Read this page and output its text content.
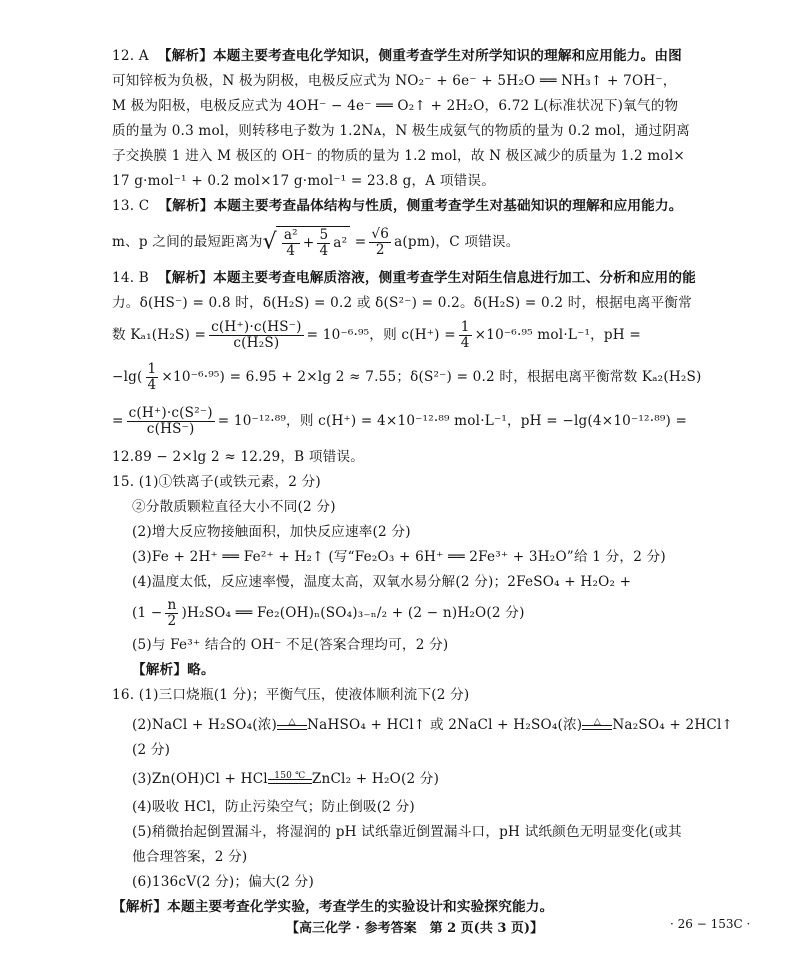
12. A 【解析】本题主要考查电化学知识，侧重考查学生对所学知识的理解和应用能力。由图
可知锌板为负极，N 极为阴极，电极反应式为 NO₂⁻ + 6e⁻ + 5H₂O ══ NH₃↑ + 7OH⁻，
M 极为阳极，电极反应式为 4OH⁻ − 4e⁻ ══ O₂↑ + 2H₂O，6.72 L(标准状况下)氧气的物
质的量为 0.3 mol，则转移电子数为 1.2Nᴀ，N 极生成氨气的物质的量为 0.2 mol，通过阴离
子交换膜 1 进入 M 极区的 OH⁻ 的物质的量为 1.2 mol，故 N 极区减少的质量为 1.2 mol×
17 g·mol⁻¹ + 0.2 mol×17 g·mol⁻¹ = 23.8 g，A 项错误。
13. C 【解析】本题主要考查晶体结构与性质，侧重考查学生对基础知识的理解和应用能力。
m、p 之间的最短距离为√ $\frac{\text{a²}}{4} + \frac{5}{4} a^2 = \frac{√6}{2} a(pm)$，C 项错误。
14. B 【解析】本题主要考查电解质溶液，侧重考查学生对陌生信息进行加工、分析和应用的能
力。δ(HS⁻) = 0.8 时，δ(H₂S) = 0.2 或 δ(S²⁻) = 0.2。δ(H₂S) = 0.2 时，根据电离平衡常
数 $K_{a1}(H_2S) = \frac{c(H^+)\cdot c(HS^-)}{\text{c(H₂S)}} = 10^{-6}\cdot^{95}$，则 $c(H^+) = \frac{1}{4} \times 10^{-6}\cdot^{95}$ mol·L⁻¹，pH =
$-\lg( \frac{1}{4} \times 10^{-6}\cdot^{95}) = 6.95 + 2\times\lg$ 2 ≈ 7.55；δ(S²⁻) = 0.2 时，根据电离平衡常数 Kₐ₂(H₂S)
= $\frac{\text{c(H⁺)·c(S²⁻)}}{c(HS^-)} = 10^{-12}\cdot^{89}$，则 c(H⁺) = 4×10⁻¹²·⁸⁹ mol·L⁻¹，pH = −lg(4×10⁻¹²·⁸⁹) =
12.89 − 2×lg 2 ≈ 12.29，B 项错误。
15. (1)①铁离子(或铁元素，2 分)
②分散质颗粒直径大小不同(2 分)
(2)增大反应物接触面积，加快反应速率(2 分)
(3)Fe + 2H⁺ ══ Fe²⁺ + H₂↑ (写“Fe₂O₃ + 6H⁺ ══ 2Fe³⁺ + 3H₂O”给 1 分，2 分)
(4)温度太低，反应速率慢，温度太高，双氧水易分解(2 分)；2FeSO₄ + H₂O₂ +
$(1 - \frac{n}{2} )H_2SO_4$ ══ Fe₂(OH)ₙ(SO₄)₃₋ₙ/₂ + (2 − n)H₂O(2 分)
(5)与 Fe³⁺ 结合的 OH⁻ 不足(答案合理均可，2 分)
【解析】略。
16. (1)三口烧瓶(1 分)；平衡气压，使液体顺利流下(2 分)
(2)NaCl + H₂SO₄(浓)	△ NaHSO₄ + HCl↑ 或 2NaCl + H₂SO₄(浓)	△ Na₂SO₄ + 2HCl↑
(2 分)
(3)Zn(OH)Cl + HCl 150 ℃ ZnCl₂ + H₂O(2 分)
(4)吸收 HCl，防止污染空气；防止倒吸(2 分)
(5)稍微抬起倒置漏斗，将湿润的 pH 试纸靠近倒置漏斗口，pH 试纸颜色无明显变化(或其
他合理答案，2 分)
(6)136cV(2 分)；偏大(2 分)
【解析】本题主要考查化学实验，考查学生的实验设计和实验探究能力。
【高三化学 · 参考答案　第 2 页(共 3 页)】	· 26 − 153C ·
